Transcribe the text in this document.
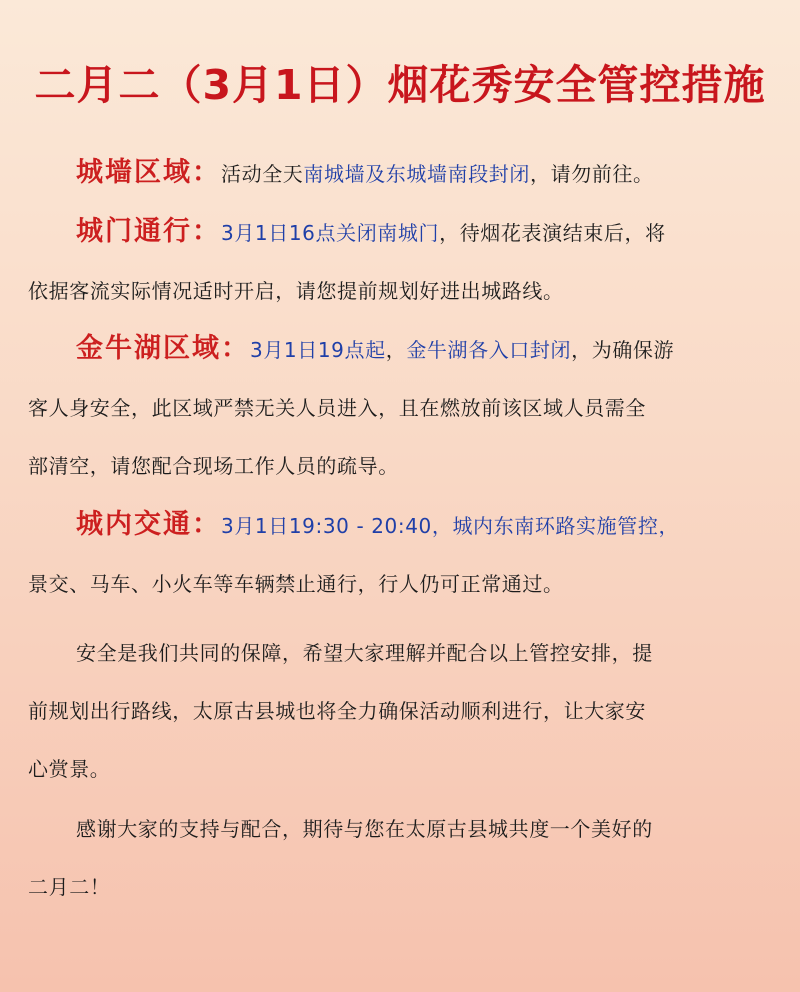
二月二（3月1日）烟花秀安全管控措施
城墙区域：活动全天南城墙及东城墙南段封闭，请勿前往。
城门通行：3月1日16点关闭南城门，待烟花表演结束后，将
依据客流实际情况适时开启，请您提前规划好进出城路线。
金牛湖区域：3月1日19点起，金牛湖各入口封闭，为确保游
客人身安全，此区域严禁无关人员进入，且在燃放前该区域人员需全
部清空，请您配合现场工作人员的疏导。
城内交通：3月1日19:30 - 20:40，城内东南环路实施管控，
景交、马车、小火车等车辆禁止通行，行人仍可正常通过。
安全是我们共同的保障，希望大家理解并配合以上管控安排，提
前规划出行路线，太原古县城也将全力确保活动顺利进行，让大家安
心赏景。
感谢大家的支持与配合，期待与您在太原古县城共度一个美好的
二月二！
